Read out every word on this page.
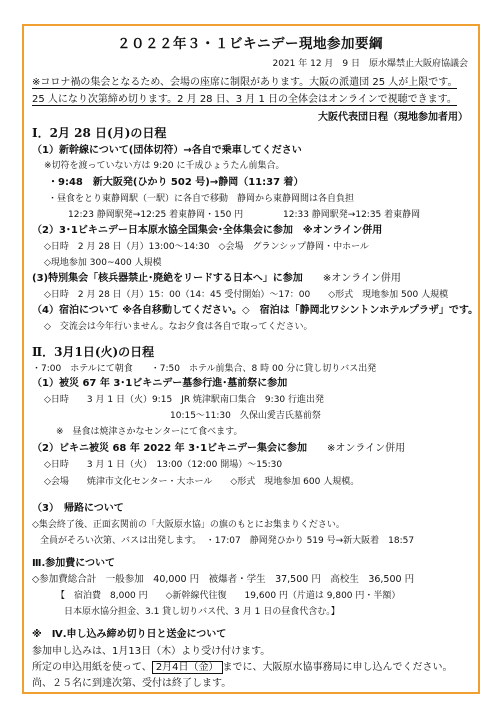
２０２２年３・１ビキニデー現地参加要綱
2021 年 12 月　9 日　原水爆禁止大阪府協議会
※コロナ禍の集会となるため、会場の座席に制限があります。大阪の派遣団 25 人が上限です。
25 人になり次第締め切ります。2 月 28 日、3 月 1 日の全体会はオンラインで視聴できます。
大阪代表団日程（現地参加者用）
Ⅰ．2月 28 日(月)の日程
（1）新幹線について(団体切符）→各自で乗車してください
※切符を渡っていない方は 9:20 に千成ひょうたん前集合。
・9:48　新大阪発(ひかり 502 号)→静岡（11:37 着）
・昼食をとり東静岡駅（一駅）に各自で移動　静岡から東静岡間は各自負担
12:23 静岡駅発→12:25 着東静岡・150 円	12:33 静岡駅発→12:35 着東静岡
（2）3･1ビキニデー日本原水協全国集会･全体集会に参加　 ※オンライン併用
◇日時　2 月 28 日（月）13:00～14:30　◇会場　グランシップ静岡・中ホール
◇現地参加 300~400 人規模
(3)特別集会「核兵器禁止･廃絶をリードする日本へ」に参加　　 ※オンライン併用
◇日時　2 月 28 日（月）15：00（14：45 受付開始）～17：00　　◇形式　現地参加 500 人規模
（4）宿泊について ※各自移動してください。◇　宿泊は「静岡北ワシントンホテルプラザ」です。
◇　交流会は今年行いません。なお夕食は各自で取ってください。
Ⅱ．3月1日(火)の日程
・7:00　ホテルにて朝食　　・7:50　ホテル前集合、8 時 00 分に貸し切りバス出発
（1）被災 67 年 3･1ビキニデー墓参行進･墓前祭に参加
◇日時　　3 月 1 日（火）9:15　JR 焼津駅南口集合　9:30 行進出発
10:15～11:30　久保山愛吉氏墓前祭
※　昼食は焼津さかなセンターにて食べます。
（2）ビキニ被災 68 年 2022 年 3･1ビキニデー集会に参加　　 ※オンライン併用
◇日時　　3 月 1 日（火）　13:00（12:00 開場）～15:30
◇会場　　焼津市文化センター・大ホール　　◇形式　現地参加 600 人規模。
（3）　帰路について
◇集会終了後、正面玄関前の「大阪原水協」の旗のもとにお集まりください。
全員がそろい次第、バスは出発します。　・17:07　静岡発ひかり 519 号→新大阪着　18:57
Ⅲ.参加費について
◇参加費総合計　一般参加　40,000 円　被爆者・学生　37,500 円　高校生　36,500 円
【　宿泊費　8,000 円　　◇新幹線代往復　　19,600 円（片道は 9,800 円・半額）
日本原水協分担金、3.1 貸し切りバス代、3 月 1 日の昼食代含む。】
※　Ⅳ.申し込み締め切り日と送金について
参加申し込みは、1月13日（木）より受け付けます。
所定の申込用紙を使って、 2月4日（金） までに、大阪原水協事務局に申し込んでください。
尚、２５名に到達次第、受付は終了します。
